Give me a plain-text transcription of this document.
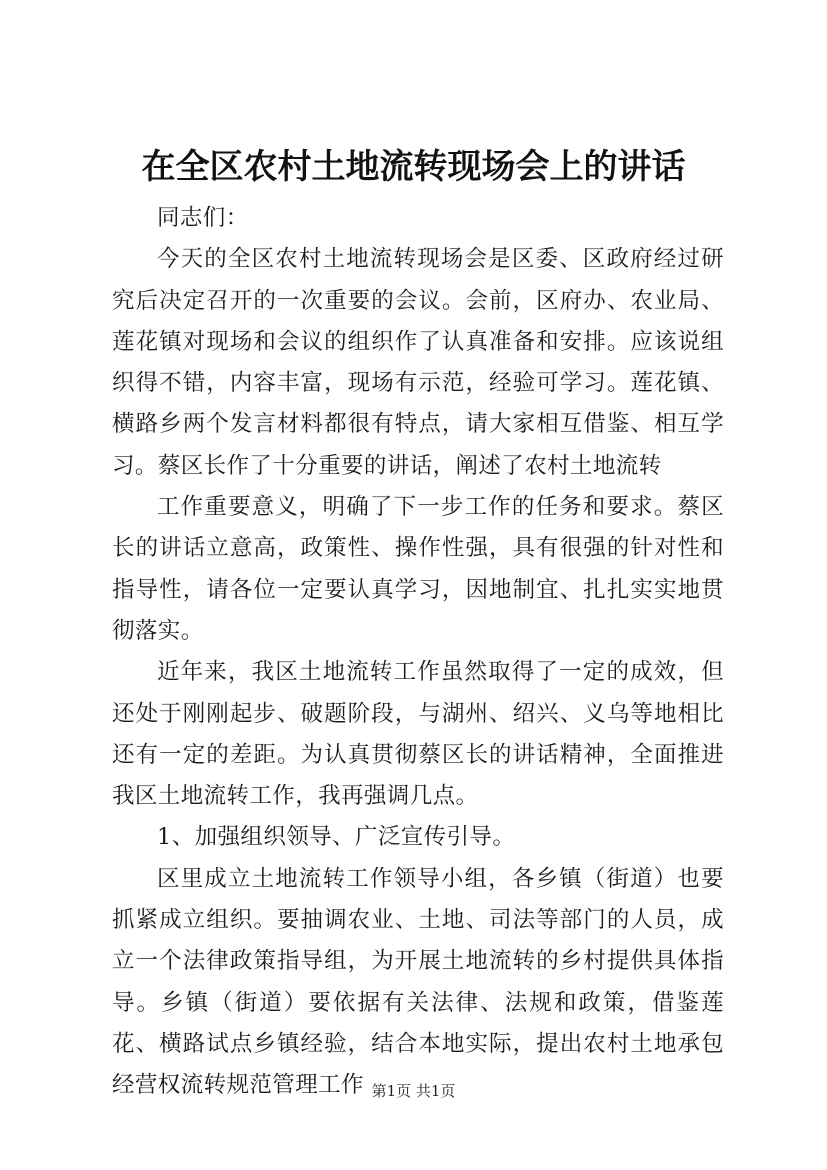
在全区农村土地流转现场会上的讲话

同志们：

今天的全区农村土地流转现场会是区委、区政府经过研究后决定召开的一次重要的会议。会前，区府办、农业局、莲花镇对现场和会议的组织作了认真准备和安排。应该说组织得不错，内容丰富，现场有示范，经验可学习。莲花镇、横路乡两个发言材料都很有特点，请大家相互借鉴、相互学习。蔡区长作了十分重要的讲话，阐述了农村土地流转

工作重要意义，明确了下一步工作的任务和要求。蔡区长的讲话立意高，政策性、操作性强，具有很强的针对性和指导性，请各位一定要认真学习，因地制宜、扎扎实实地贯彻落实。

近年来，我区土地流转工作虽然取得了一定的成效，但还处于刚刚起步、破题阶段，与湖州、绍兴、义乌等地相比还有一定的差距。为认真贯彻蔡区长的讲话精神，全面推进我区土地流转工作，我再强调几点。

1、加强组织领导、广泛宣传引导。

区里成立土地流转工作领导小组，各乡镇（街道）也要抓紧成立组织。要抽调农业、土地、司法等部门的人员，成立一个法律政策指导组，为开展土地流转的乡村提供具体指导。乡镇（街道）要依据有关法律、法规和政策，借鉴莲花、横路试点乡镇经验，结合本地实际，提出农村土地承包经营权流转规范管理工作 第1页 共1页
